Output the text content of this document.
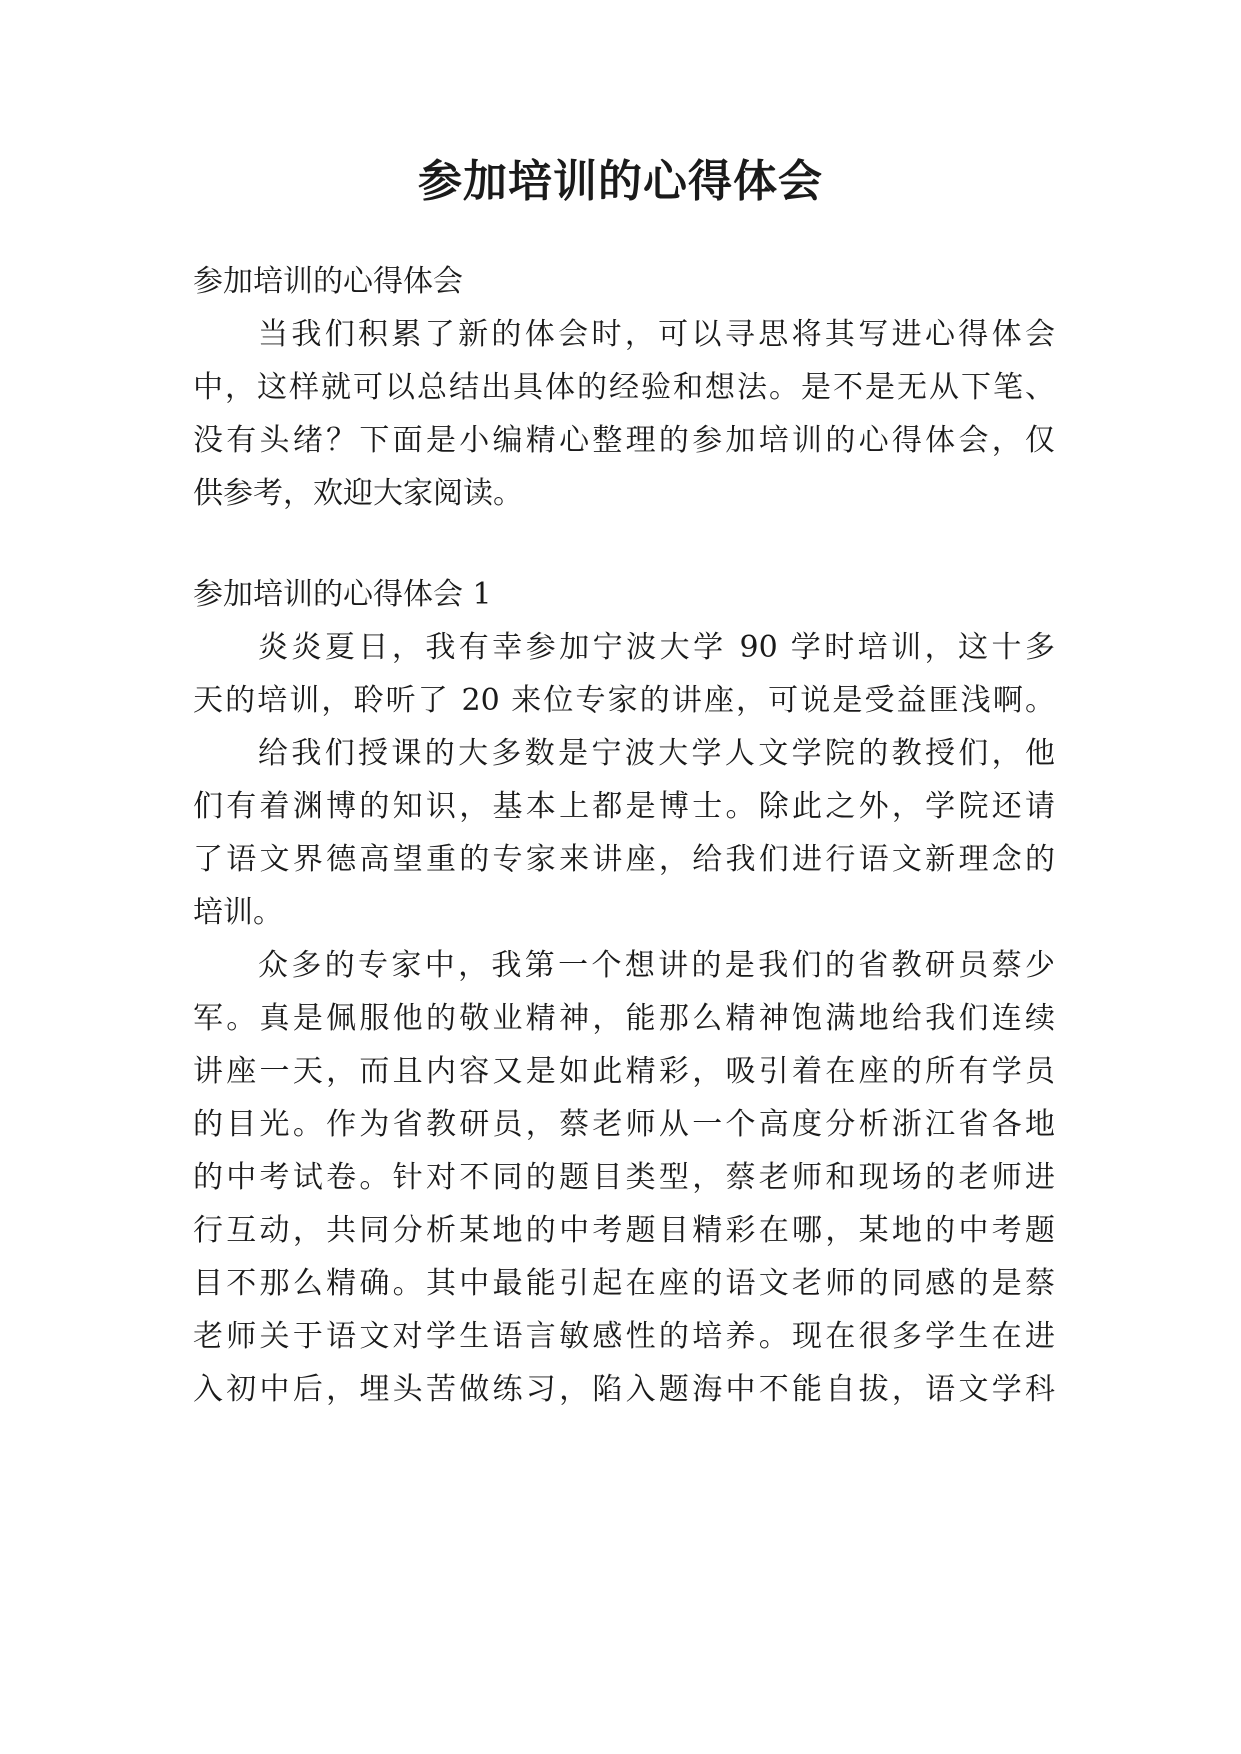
参加培训的心得体会
参加培训的心得体会
当我们积累了新的体会时，可以寻思将其写进心得体会
中，这样就可以总结出具体的经验和想法。是不是无从下笔、
没有头绪？下面是小编精心整理的参加培训的心得体会，仅
供参考，欢迎大家阅读。
参加培训的心得体会 1
炎炎夏日，我有幸参加宁波大学 90 学时培训，这十多
天的培训，聆听了 20 来位专家的讲座，可说是受益匪浅啊。
给我们授课的大多数是宁波大学人文学院的教授们，他
们有着渊博的知识，基本上都是博士。除此之外，学院还请
了语文界德高望重的专家来讲座，给我们进行语文新理念的
培训。
众多的专家中，我第一个想讲的是我们的省教研员蔡少
军。真是佩服他的敬业精神，能那么精神饱满地给我们连续
讲座一天，而且内容又是如此精彩，吸引着在座的所有学员
的目光。作为省教研员，蔡老师从一个高度分析浙江省各地
的中考试卷。针对不同的题目类型，蔡老师和现场的老师进
行互动，共同分析某地的中考题目精彩在哪，某地的中考题
目不那么精确。其中最能引起在座的语文老师的同感的是蔡
老师关于语文对学生语言敏感性的培养。现在很多学生在进
入初中后，埋头苦做练习，陷入题海中不能自拔，语文学科
